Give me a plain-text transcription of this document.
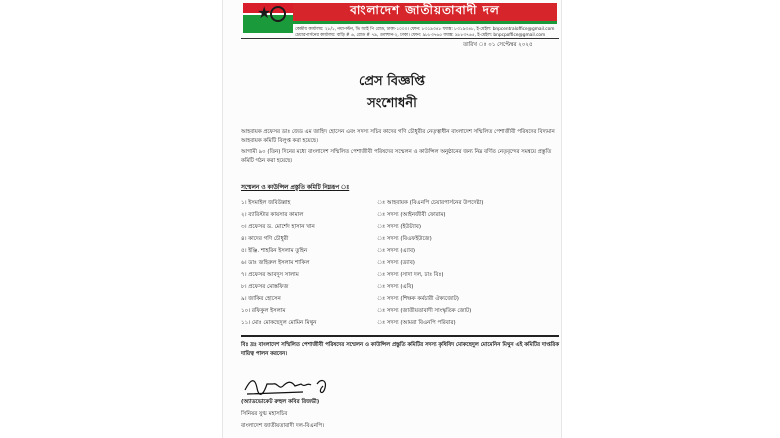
★	বাংলাদেশ জাতীয়তাবাদী দল
কেন্দ্রীয় কার্যালয়: ২৮/১, নয়াপল্টন, ভি আই পি রোড, ঢাকা-১০০০। ফোন: ৮৩১৯৩৪৮ ফ্যাক্স: ৮৩১৯৩৪৮, ই-মেইল: bnpcentraloffice@gmail.com
চেয়ারপার্সনের কার্যালয়: বাড়ি # ৬, রোড # ৭৯, গুলশান-২, ঢাকা। ফোন: ৯৮৮৩৭৬৫ ফ্যাক্স: ৯৮৮৩৭৬৫, ই-মেইল: bnpcpoffice@gmail.com
তারিখ ঃ ০১ সেপ্টেম্বর ২০২৫
প্রেস বিজ্ঞপ্তি
সংশোধনী
আহবায়ক প্রফেসর ডাঃ জেড এম জাহিদ হোসেন এবং সদস্য সচিব কাদের গণি চৌধুরীর নেতৃত্বাধীন বাংলাদেশ সম্মিলিত পেশাজীবী পরিষদের বিদ্যমান আহবায়ক কমিটি বিলুপ্ত করা হয়েছে।
আগামী ৯০ (তিন) দিনের মধ্যে বাংলাদেশ সম্মিলিত পেশাজীবী পরিষদের সম্মেলন ও কাউন্সিল অনুষ্ঠানের জন্য নিম্ন বর্ণিত নেতৃবৃন্দের সমন্বয়ে প্রস্তুতি কমিটি গঠন করা হয়েছে।
সম্মেলন ও কাউন্সিল প্রস্তুতি কমিটি নিম্নরূপ ঃ
১। ইসমাইল জবিউল্লাহ	ঃ আহবায়ক (বিএনপি চেয়ারপার্সনের উপদেষ্টা)
২। ব্যারিস্টার কায়সার কামাল	ঃ সদস্য (আইনজীবী ফোরাম)
৩। প্রফেসর ড. মোর্শেদ হাসান খান	ঃ সদস্য (ইউট্যাব)
৪। কাদের গণি চৌধুরী	ঃ সদস্য (বিএফইউজে)
৫। ইঞ্জি. শাহরিন ইসলাম তুহিন	ঃ সদস্য (এ্যাব)
৬। ডাঃ জহিরুল ইসলাম শাকিল	ঃ সদস্য (ড্যাব)
৭। প্রফেসর আবদুস সালাম	ঃ সদস্য (সাদা দল, ঢাঃ বিঃ)
৮। প্রফেসর মোস্তফিজ	ঃ সদস্য (এবি)
৯। জাকির হোসেন	ঃ সদস্য (শিক্ষক কর্মচারী ঐক্যজোট)
১০। রফিকুল ইসলাম	ঃ সদস্য (জাতীয়তাবাদী সাংস্কৃতিক জোট)
১১। মোঃ মোকছেদুল মোমিন মিথুন	ঃ সদস্য (আমরা বিএনপি পরিবার)
বিঃ দ্রঃ বাংলাদেশ সম্মিলিত পেশাজীবী পরিষদের সম্মেলন ও কাউন্সিল প্রস্তুতি কমিটির সদস্য কৃষিবিদ মোকছেদুল মোমেনিন মিথুন এই কমিটির দাপ্তরিক দায়িত্ব পালন করবেন।
(অ্যাডভোকেট রুহুল কবির রিজভী)
সিনিয়র যুগ্ম মহাসচিব
বাংলাদেশ জাতীয়তাবাদী দল-বিএনপি।
